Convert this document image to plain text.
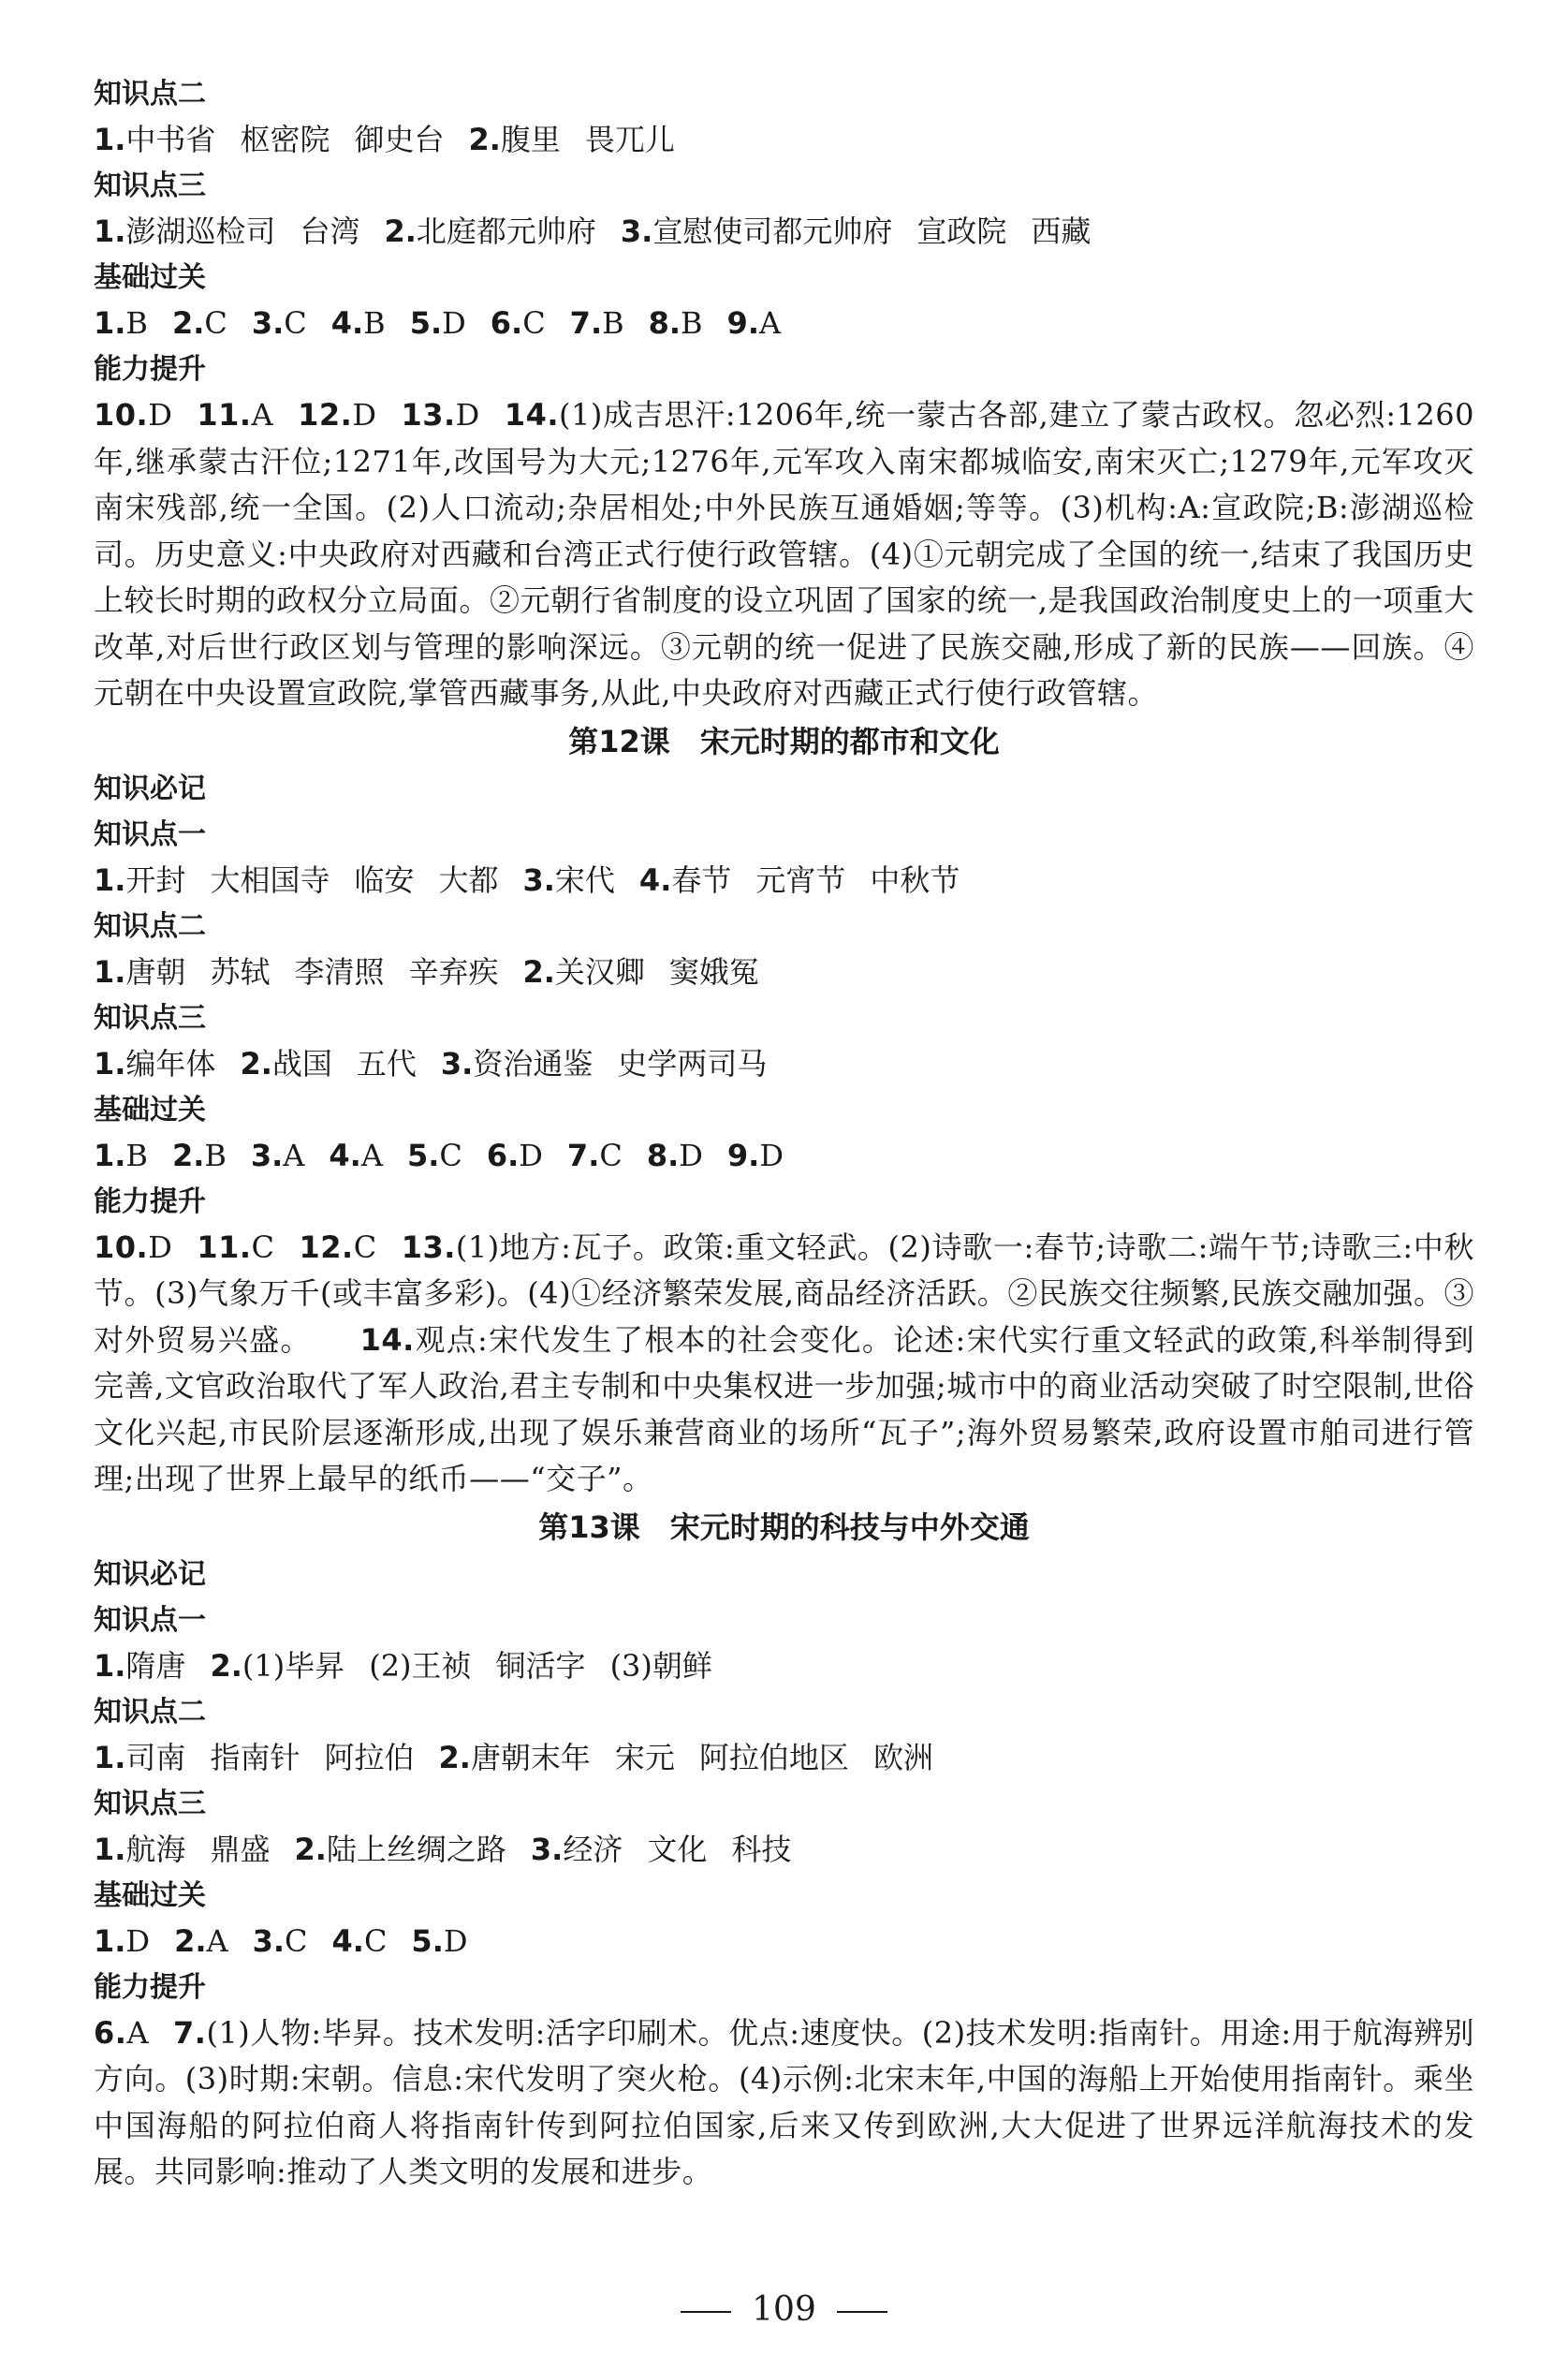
知识点二

1.中书省 枢密院 御史台 2.腹里 畏兀儿

知识点三

1.澎湖巡检司 台湾 2.北庭都元帅府 3.宣慰使司都元帅府 宣政院 西藏

基础过关

1.B 2.C 3.C 4.B 5.D 6.C 7.B 8.B 9.A

能力提升

10.D 11.A 12.D 13.D 14.(1)成吉思汗:1206年,统一蒙古各部,建立了蒙古政权。忽必烈:1260年,继承蒙古汗位;1271年,改国号为大元;1276年,元军攻入南宋都城临安,南宋灭亡;1279年,元军攻灭南宋残部,统一全国。(2)人口流动;杂居相处;中外民族互通婚姻;等等。(3)机构:A:宣政院;B:澎湖巡检司。历史意义:中央政府对西藏和台湾正式行使行政管辖。(4)①元朝完成了全国的统一,结束了我国历史上较长时期的政权分立局面。②元朝行省制度的设立巩固了国家的统一,是我国政治制度史上的一项重大改革,对后世行政区划与管理的影响深远。③元朝的统一促进了民族交融,形成了新的民族——回族。④元朝在中央设置宣政院,掌管西藏事务,从此,中央政府对西藏正式行使行政管辖。

第12课　宋元时期的都市和文化

知识必记

知识点一

1.开封 大相国寺 临安 大都 3.宋代 4.春节 元宵节 中秋节

知识点二

1.唐朝 苏轼 李清照 辛弃疾 2.关汉卿 窦娥冤

知识点三

1.编年体 2.战国 五代 3.资治通鉴 史学两司马

基础过关

1.B 2.B 3.A 4.A 5.C 6.D 7.C 8.D 9.D

能力提升

10.D 11.C 12.C 13.(1)地方:瓦子。政策:重文轻武。(2)诗歌一:春节;诗歌二:端午节;诗歌三:中秋节。(3)气象万千(或丰富多彩)。(4)①经济繁荣发展,商品经济活跃。②民族交往频繁,民族交融加强。③对外贸易兴盛。 14.观点:宋代发生了根本的社会变化。论述:宋代实行重文轻武的政策,科举制得到完善,文官政治取代了军人政治,君主专制和中央集权进一步加强;城市中的商业活动突破了时空限制,世俗文化兴起,市民阶层逐渐形成,出现了娱乐兼营商业的场所“瓦子”;海外贸易繁荣,政府设置市舶司进行管理;出现了世界上最早的纸币——“交子”。

第13课　宋元时期的科技与中外交通

知识必记

知识点一

1.隋唐 2.(1)毕昇 (2)王祯 铜活字 (3)朝鲜

知识点二

1.司南 指南针 阿拉伯 2.唐朝末年 宋元 阿拉伯地区 欧洲

知识点三

1.航海 鼎盛 2.陆上丝绸之路 3.经济 文化 科技

基础过关

1.D 2.A 3.C 4.C 5.D

能力提升

6.A 7.(1)人物:毕昇。技术发明:活字印刷术。优点:速度快。(2)技术发明:指南针。用途:用于航海辨别方向。(3)时期:宋朝。信息:宋代发明了突火枪。(4)示例:北宋末年,中国的海船上开始使用指南针。乘坐中国海船的阿拉伯商人将指南针传到阿拉伯国家,后来又传到欧洲,大大促进了世界远洋航海技术的发展。共同影响:推动了人类文明的发展和进步。

109
